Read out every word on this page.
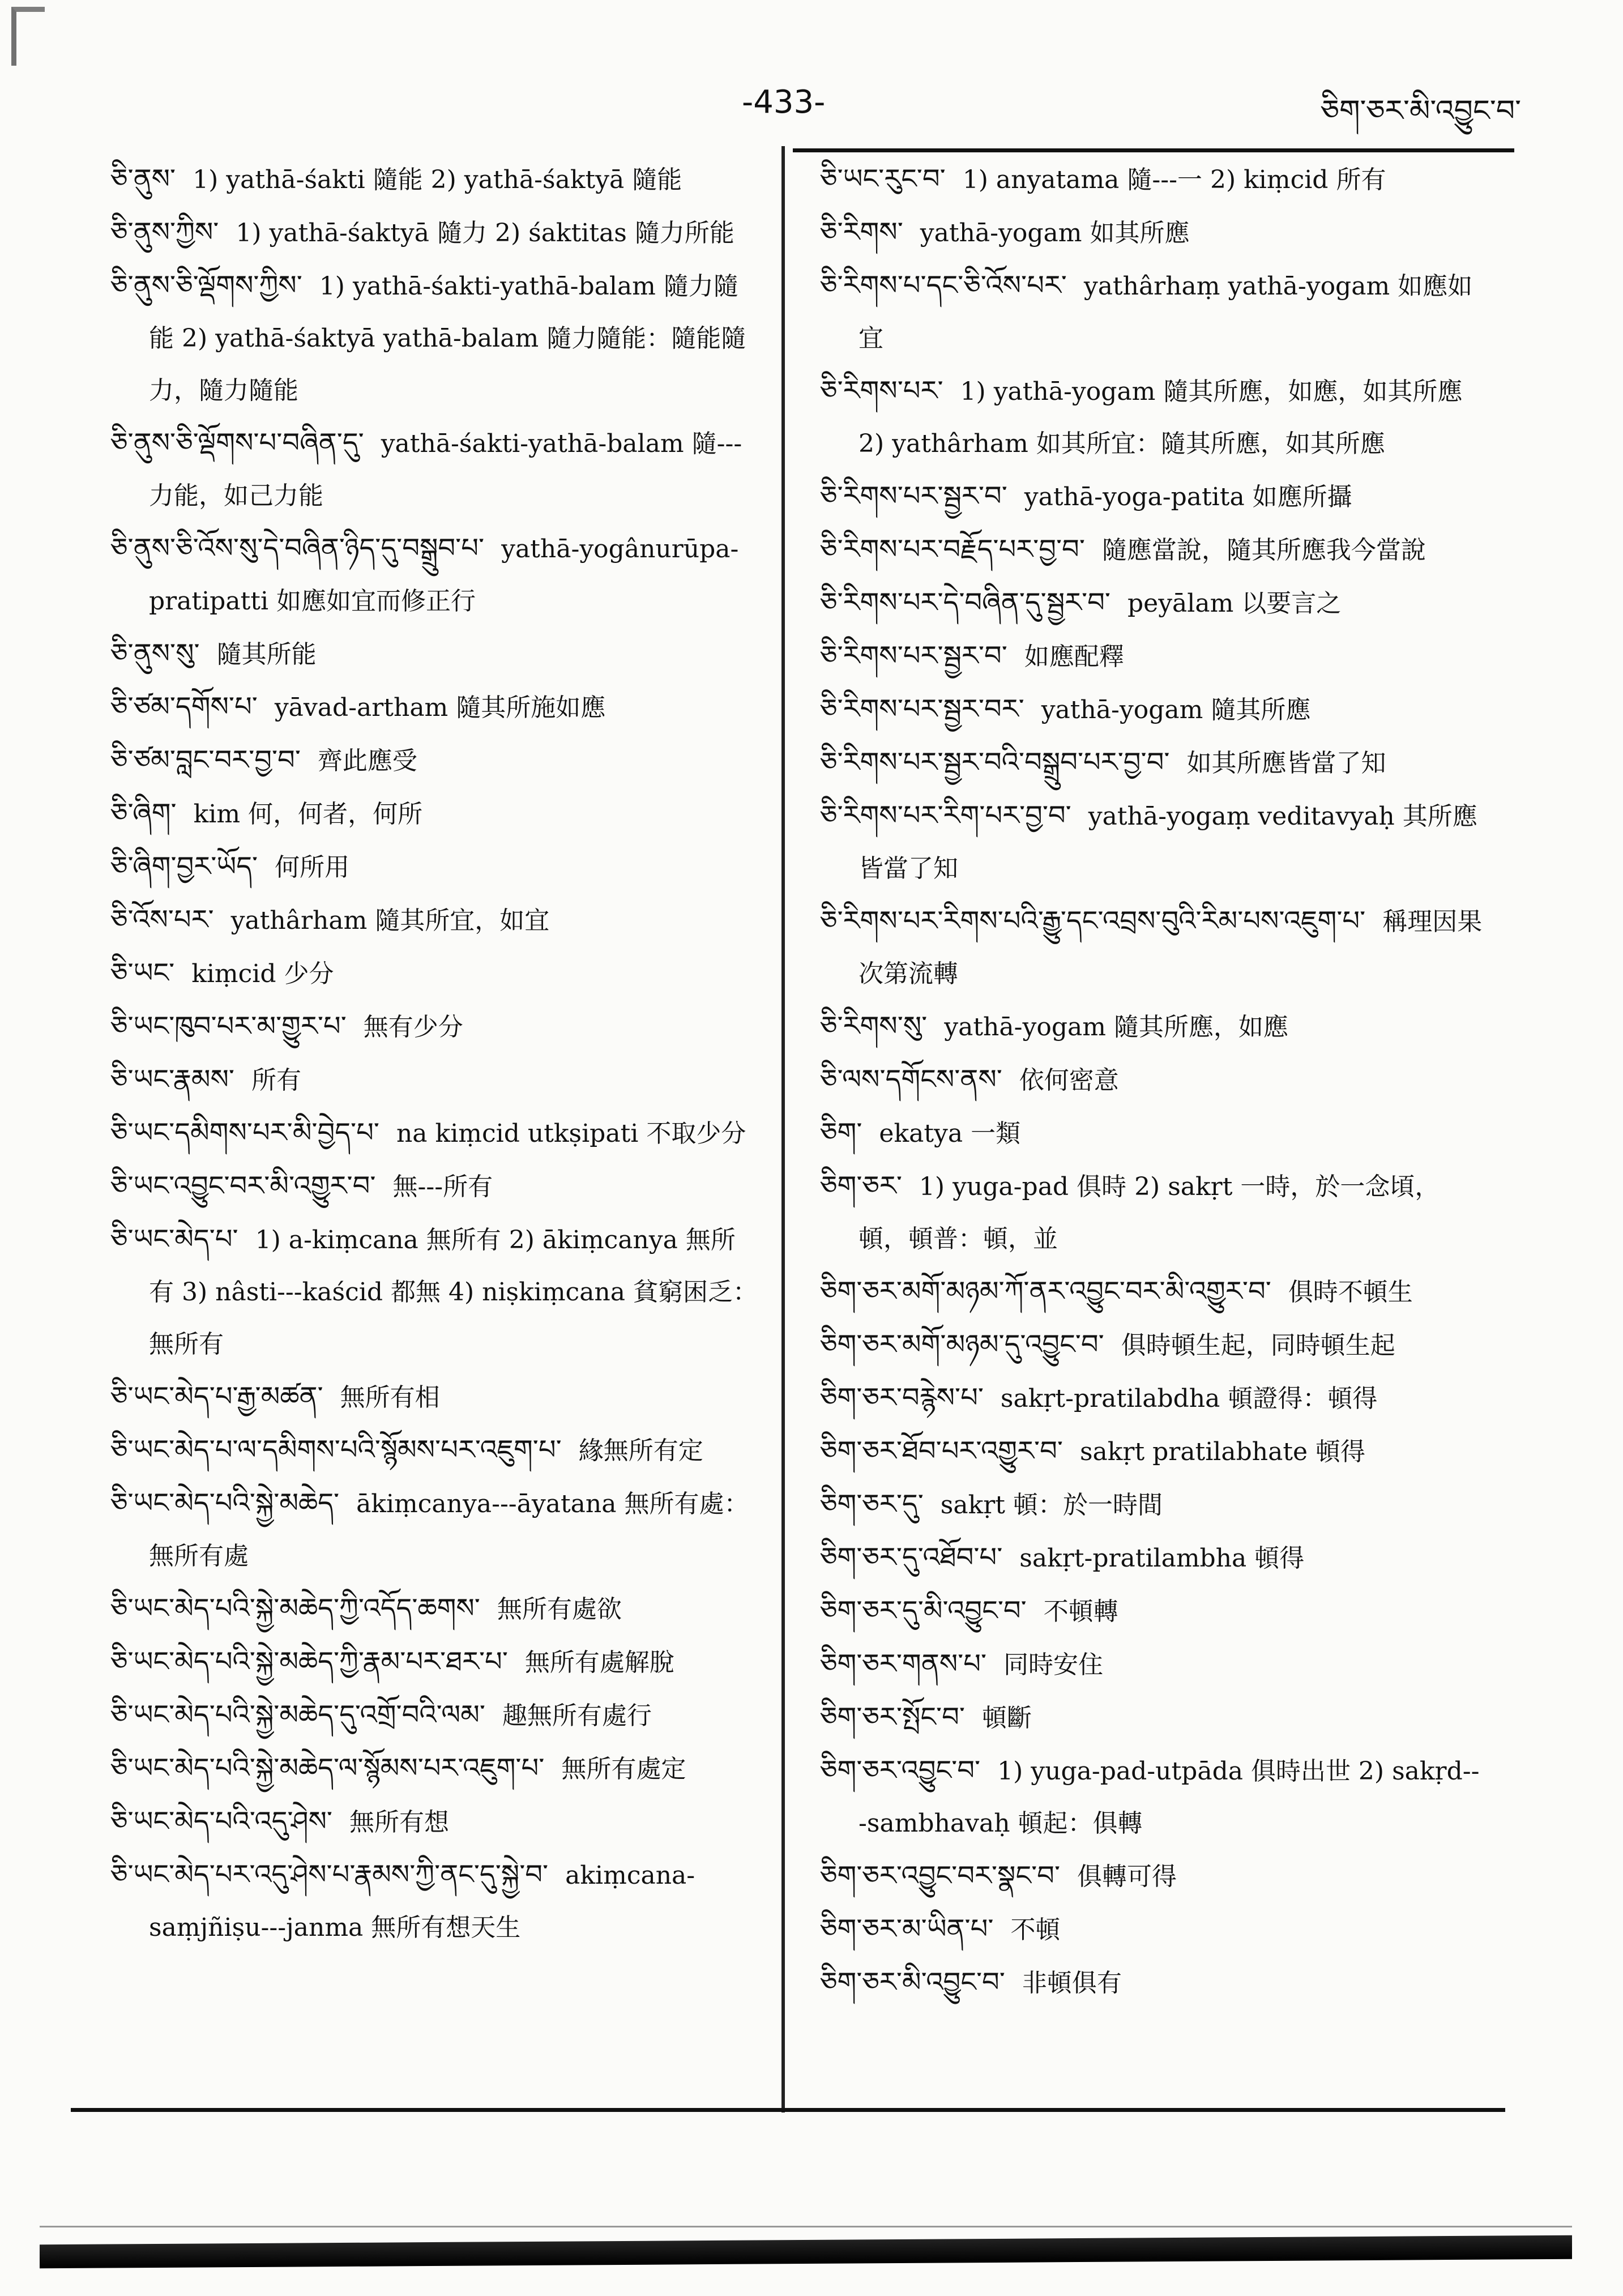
-433-	ཅིག་ཅར་མི་འབྱུང་བ་

ཅི་ནུས་ 1) yathā-śakti 隨能 2) yathā-śaktyā 隨能

ཅི་ནུས་ཀྱིས་ 1) yathā-śaktyā 隨力 2) śaktitas 隨力所能

ཅི་ནུས་ཅི་ལྡོགས་ཀྱིས་ 1) yathā-śakti-yathā-balam 隨力隨能 2) yathā-śaktyā yathā-balam 隨力隨能：隨能隨力，隨力隨能

ཅི་ནུས་ཅི་ལྡོགས་པ་བཞིན་དུ་ yathā-śakti-yathā-balam 隨---力能，如己力能

ཅི་ནུས་ཅི་འོས་སུ་དེ་བཞིན་ཉིད་དུ་བསྒྲུབ་པ་ yathā-yogânurūpa-pratipatti 如應如宜而修正行

ཅི་ནུས་སུ་ 隨其所能

ཅི་ཙམ་དགོས་པ་ yāvad-artham 隨其所施如應

ཅི་ཙམ་བླང་བར་བྱ་བ་ 齊此應受

ཅི་ཞིག་ kim 何，何者，何所

ཅི་ཞིག་བྱར་ཡོད་ 何所用

ཅི་འོས་པར་ yathârham 隨其所宜，如宜

ཅི་ཡང་ kiṃcid 少分

ཅི་ཡང་ཁུབ་པར་མ་གྱུར་པ་ 無有少分

ཅི་ཡང་རྣམས་ 所有

ཅི་ཡང་དམིགས་པར་མི་བྱེད་པ་ na kiṃcid utkṣipati 不取少分

ཅི་ཡང་འབྱུང་བར་མི་འགྱུར་བ་ 無---所有

ཅི་ཡང་མེད་པ་ 1) a-kiṃcana 無所有 2) ākiṃcanya 無所有 3) nâsti---kaścid 都無 4) niṣkiṃcana 貧窮困乏：無所有

ཅི་ཡང་མེད་པ་རྒྱ་མཚན་ 無所有相

ཅི་ཡང་མེད་པ་ལ་དམིགས་པའི་སྙོམས་པར་འཇུག་པ་ 緣無所有定

ཅི་ཡང་མེད་པའི་སྐྱེ་མཆེད་ ākiṃcanya---āyatana 無所有處：無所有處

ཅི་ཡང་མེད་པའི་སྐྱེ་མཆེད་ཀྱི་འདོད་ཆགས་ 無所有處欲

ཅི་ཡང་མེད་པའི་སྐྱེ་མཆེད་ཀྱི་རྣམ་པར་ཐར་པ་ 無所有處解脫

ཅི་ཡང་མེད་པའི་སྐྱེ་མཆེད་དུ་འགྲོ་བའི་ལམ་ 趣無所有處行

ཅི་ཡང་མེད་པའི་སྐྱེ་མཆེད་ལ་སྙོམས་པར་འཇུག་པ་ 無所有處定

ཅི་ཡང་མེད་པའི་འདུ་ཤེས་ 無所有想

ཅི་ཡང་མེད་པར་འདུ་ཤེས་པ་རྣམས་ཀྱི་ནང་དུ་སྐྱེ་བ་ akiṃcana-saṃjñiṣu---janma 無所有想天生

ཅི་ཡང་རུང་བ་ 1) anyatama 隨---一 2) kiṃcid 所有

ཅི་རིགས་ yathā-yogam 如其所應

ཅི་རིགས་པ་དང་ཅི་འོས་པར་ yathârhaṃ yathā-yogam 如應如宜

ཅི་རིགས་པར་ 1) yathā-yogam 隨其所應，如應，如其所應 2) yathârham 如其所宜：隨其所應，如其所應

ཅི་རིགས་པར་སྦྱར་བ་ yathā-yoga-patita 如應所攝

ཅི་རིགས་པར་བརྗོད་པར་བྱ་བ་ 隨應當說，隨其所應我今當說

ཅི་རིགས་པར་དེ་བཞིན་དུ་སྦྱར་བ་ peyālam 以要言之

ཅི་རིགས་པར་སྦྱར་བ་ 如應配釋

ཅི་རིགས་པར་སྦྱར་བར་ yathā-yogam 隨其所應

ཅི་རིགས་པར་སྦྱར་བའི་བསྒྲུབ་པར་བྱ་བ་ 如其所應皆當了知

ཅི་རིགས་པར་རིག་པར་བྱ་བ་ yathā-yogaṃ veditavyaḥ 其所應皆當了知

ཅི་རིགས་པར་རིགས་པའི་རྒྱུ་དང་འབྲས་བུའི་རིམ་པས་འཇུག་པ་ 稱理因果次第流轉

ཅི་རིགས་སུ་ yathā-yogam 隨其所應，如應

ཅི་ལས་དགོངས་ནས་ 依何密意

ཅིག་ ekatya 一類

ཅིག་ཅར་ 1) yuga-pad 俱時 2) sakṛt 一時，於一念頃，頓，頓普：頓，並

ཅིག་ཅར་མགོ་མཉམ་ཀོ་ནར་འབྱུང་བར་མི་འགྱུར་བ་ 俱時不頓生

ཅིག་ཅར་མགོ་མཉམ་དུ་འབྱུང་བ་ 俱時頓生起，同時頓生起

ཅིག་ཅར་བརྙེས་པ་ sakṛt-pratilabdha 頓證得：頓得

ཅིག་ཅར་ཐོབ་པར་འགྱུར་བ་ sakṛt pratilabhate 頓得

ཅིག་ཅར་དུ་ sakṛt 頓：於一時間

ཅིག་ཅར་དུ་འཐོབ་པ་ sakṛt-pratilambha 頓得

ཅིག་ཅར་དུ་མི་འབྱུང་བ་ 不頓轉

ཅིག་ཅར་གནས་པ་ 同時安住

ཅིག་ཅར་སྤོང་བ་ 頓斷

ཅིག་ཅར་འབྱུང་བ་ 1) yuga-pad-utpāda 俱時出世 2) sakṛd---sambhavaḥ 頓起：俱轉

ཅིག་ཅར་འབྱུང་བར་སྣང་བ་ 俱轉可得

ཅིག་ཅར་མ་ཡིན་པ་ 不頓

ཅིག་ཅར་མི་འབྱུང་བ་ 非頓俱有
